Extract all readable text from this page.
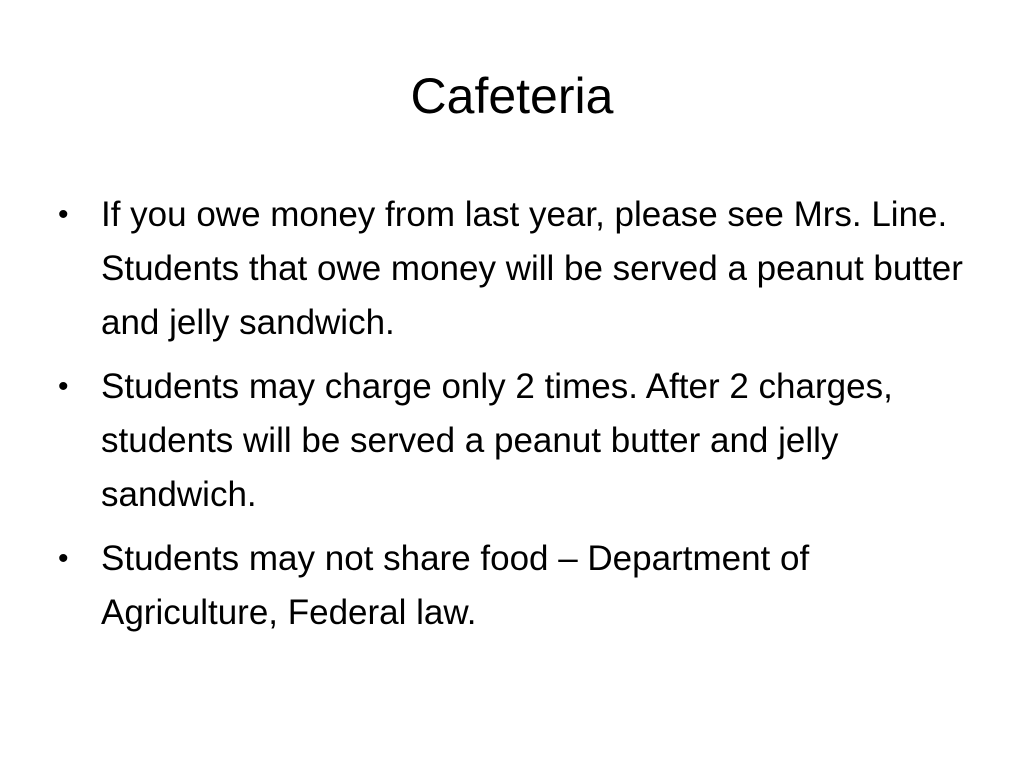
Cafeteria
• If you owe money from last year, please see Mrs. Line. Students that owe money will be served a peanut butter and jelly sandwich.
• Students may charge only 2 times. After 2 charges, students will be served a peanut butter and jelly sandwich.
• Students may not share food – Department of Agriculture, Federal law.
